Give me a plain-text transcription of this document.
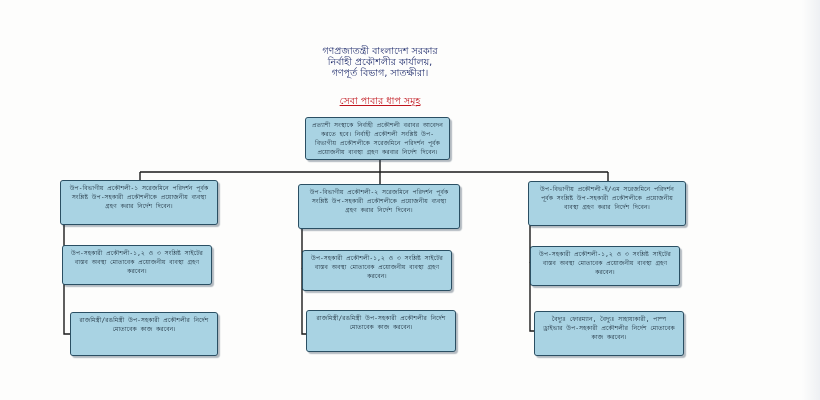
গণপ্রজাতন্ত্রী বাংলাদেশ সরকার
নির্বাহী প্রকৌশলীর কার্যালয়,
গণপূর্ত বিভাগ, সাতক্ষীরা।
সেবা পাবার ধাপ সমূহ
প্রত্যাশী সংস্থাকে নির্বাহী প্রকৌশলী বরাবর আবেদন করতে হবে। নির্বাহী প্রকৌশলী সংশ্লিষ্ট উপ-বিভাগীয় প্রকৌশলীকে সরেজমিনে পরিদর্শন পূর্বক প্রয়োজনীয় ব্যবস্থা গ্রহণ করবার নির্দেশ দিবেন।
উপ-বিভাগীয় প্রকৌশলী-১ সরেজমিনে পরিদর্শন পূর্বক সংশ্লিষ্ট উপ-সহকারী প্রকৌশলীকে প্রয়োজনীয় ব্যবস্থা গ্রহণ করার নির্দেশ দিবেন।
উপ-সহকারী প্রকৌশলী-১,২ ও ৩ সংশ্লিষ্ট সাইটের বাস্তব অবস্থা মোতাবেক প্রয়োজনীয় ব্যবস্থা গ্রহণ করবেন।
রাজমিস্ত্রী/রঙমিস্ত্রী উপ-সহকারী প্রকৌশলীর নির্দেশ মোতাবেক কাজ করবেন।
উপ-বিভাগীয় প্রকৌশলী-২ সরেজমিনে পরিদর্শন পূর্বক সংশ্লিষ্ট উপ-সহকারী প্রকৌশলীকে প্রয়োজনীয় ব্যবস্থা গ্রহণ করার নির্দেশ দিবেন।
উপ-সহকারী প্রকৌশলী-১,২ ও ৩ সংশ্লিষ্ট সাইটের বাস্তব অবস্থা মোতাবেক প্রয়োজনীয় ব্যবস্থা গ্রহণ করবেন।
রাজমিস্ত্রী/রঙমিস্ত্রী উপ-সহকারী প্রকৌশলীর নির্দেশ মোতাবেক কাজ করবেন।
উপ-বিভাগীয় প্রকৌশলী-ই/এম সরেজমিনে পরিদর্শন পূর্বক সংশ্লিষ্ট উপ-সহকারী প্রকৌশলীকে প্রয়োজনীয় ব্যবস্থা গ্রহণ করার নির্দেশ দিবেন।
উপ-সহকারী প্রকৌশলী-১,২ ও ৩ সংশ্লিষ্ট সাইটের বাস্তব অবস্থা মোতাবেক প্রয়োজনীয় ব্যবস্থা গ্রহণ করবেন।
বৈদ্যুঃ ফোরম্যান, বৈদ্যুঃ সাহায্যকারী, পাম্প ড্রাইভার উপ-সহকারী প্রকৌশলীর নির্দেশ মোতাবেক কাজ করবেন।
